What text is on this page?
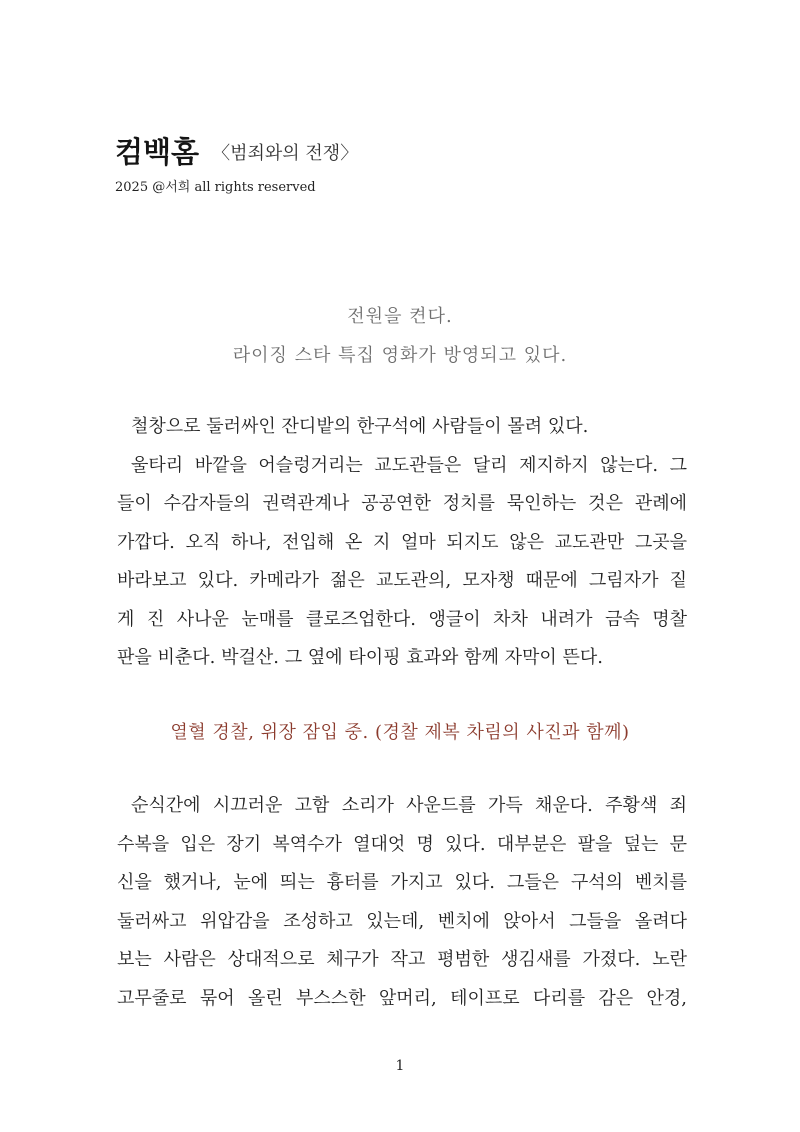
컴백홈 〈범죄와의 전쟁〉
2025 @서희 all rights reserved
전원을 켠다.
라이징 스타 특집 영화가 방영되고 있다.
철창으로 둘러싸인 잔디밭의 한구석에 사람들이 몰려 있다.
울타리 바깥을 어슬렁거리는 교도관들은 달리 제지하지 않는다. 그
들이 수감자들의 권력관계나 공공연한 정치를 묵인하는 것은 관례에
가깝다. 오직 하나, 전입해 온 지 얼마 되지도 않은 교도관만 그곳을
바라보고 있다. 카메라가 젊은 교도관의, 모자챙 때문에 그림자가 짙
게 진 사나운 눈매를 클로즈업한다. 앵글이 차차 내려가 금속 명찰
판을 비춘다. 박걸산. 그 옆에 타이핑 효과와 함께 자막이 뜬다.
열혈 경찰, 위장 잠입 중. (경찰 제복 차림의 사진과 함께)
순식간에 시끄러운 고함 소리가 사운드를 가득 채운다. 주황색 죄
수복을 입은 장기 복역수가 열대엇 명 있다. 대부분은 팔을 덮는 문
신을 했거나, 눈에 띄는 흉터를 가지고 있다. 그들은 구석의 벤치를
둘러싸고 위압감을 조성하고 있는데, 벤치에 앉아서 그들을 올려다
보는 사람은 상대적으로 체구가 작고 평범한 생김새를 가졌다. 노란
고무줄로 묶어 올린 부스스한 앞머리, 테이프로 다리를 감은 안경,
1
